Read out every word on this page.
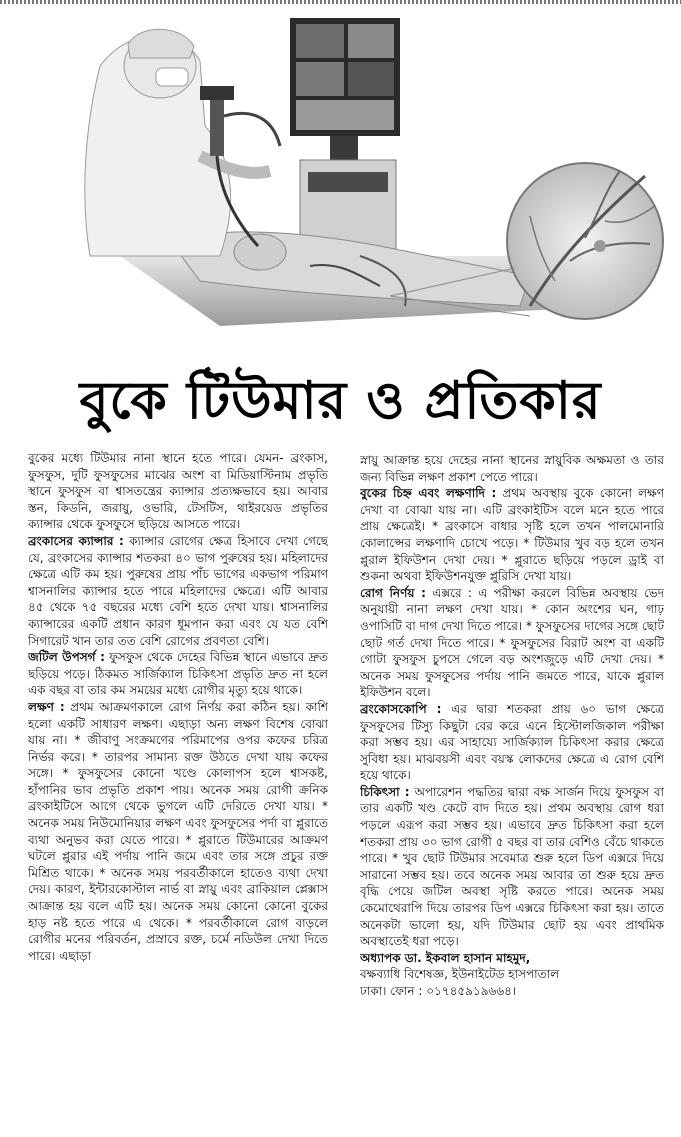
বুকে টিউমার ও প্রতিকার

বুকের মধ্যে টিউমার নানা স্থানে হতে পারে। যেমন- ব্রংকাস, ফুসফুস, দুটি ফুসফুসের মাঝের অংশ বা মিডিয়াস্টিনাম প্রভৃতি স্থানে ফুসফুস বা শ্বাসতন্ত্রের ক্যান্সার প্রত্যক্ষভাবে হয়। আবার স্তন, কিডনি, জরায়ু, ওভারি, টেসটিস, থাইরয়েড প্রভৃতির ক্যান্সার থেকে ফুসফুসে ছড়িয়ে আসতে পারে।

ব্রংকাসের ক্যান্সার : ক্যান্সার রোগের ক্ষেত্র হিসাবে দেখা গেছে যে, ব্রংকাসের ক্যান্সার শতকরা ৪০ ভাগ পুরুষের হয়। মহিলাদের ক্ষেত্রে এটি কম হয়। পুরুষের প্রায় পাঁচ ভাগের একভাগ পরিমাণ শ্বাসনালির ক্যান্সার হতে পারে মহিলাদের ক্ষেত্রে। এটি আবার ৪৫ থেকে ৭৫ বছরের মধ্যে বেশি হতে দেখা যায়। শ্বাসনালির ক্যান্সারের একটি প্রধান কারণ ধূমপান করা এবং যে যত বেশি সিগারেট খান তার তত বেশি রোগের প্রবণতা বেশি।

জটিল উপসর্গ : ফুসফুস থেকে দেহের বিভিন্ন স্থানে এভাবে দ্রুত ছড়িয়ে পড়ে। ঠিকমত সার্জিক্যাল চিকিৎসা প্রভৃতি দ্রুত না হলে এক বছর বা তার কম সময়ের মধ্যে রোগীর মৃত্যু হয়ে থাকে।

লক্ষণ : প্রথম আক্রমণকালে রোগ নির্ণয় করা কঠিন হয়। কাশি হলো একটি সাধারণ লক্ষণ। এছাড়া অন্য লক্ষণ বিশেষ বোঝা যায় না। * জীবাণু সংক্রমণের পরিমাপের ওপর কফের চরিত্র নির্ভর করে। * তারপর সামান্য রক্ত উঠতে দেখা যায় কফের সঙ্গে। * ফুসফুসের কোনো খণ্ডে কোলাপস হলে শ্বাসকষ্ট, হাঁপানির ভাব প্রভৃতি প্রকাশ পায়। অনেক সময় রোগী ক্রনিক ব্রংকাইটিসে আগে থেকে ভুগলে এটি দেরিতে দেখা যায়। * অনেক সময় নিউমোনিয়ার লক্ষণ এবং ফুসফুসের পর্দা বা প্লুরাতে ব্যথা অনুভব করা যেতে পারে। * প্লুরাতে টিউমারের আক্রমণ ঘটলে প্লুরার এই পর্দায় পানি জমে এবং তার সঙ্গে প্রচুর রক্ত মিশ্রিত থাকে। * অনেক সময় পরবর্তীকালে হাতেও ব্যথা দেখা দেয়। কারণ, ইন্টারকোস্টাল নার্ভ বা স্নায়ু এবং ব্রাকিয়াল প্লেক্সাস আক্রান্ত হয় বলে এটি হয়। অনেক সময় কোনো কোনো বুকের হাড় নষ্ট হতে পারে এ থেকে। * পরবর্তীকালে রোগ বাড়লে রোগীর মনের পরিবর্তন, প্রস্রাবে রক্ত, চর্মে নডিউল দেখা দিতে পারে। এছাড়া

স্নায়ু আক্রান্ত হয়ে দেহের নানা স্থানের স্নায়ুবিক অক্ষমতা ও তার জন্য বিভিন্ন লক্ষণ প্রকাশ পেতে পারে।

বুকের চিহ্ন এবং লক্ষণাদি : প্রথম অবস্থায় বুকে কোনো লক্ষণ দেখা বা বোঝা যায় না। এটি ব্রংকাইটিস বলে মনে হতে পারে প্রায় ক্ষেত্রেই। * ব্রংকাসে বাধার সৃষ্টি হলে তখন পালমোনারি কোলাপ্সের লক্ষণাদি চোখে পড়ে। * টিউমার খুব বড় হলে তখন প্লুরাল ইফিউশন দেখা দেয়। * প্লুরাতে ছড়িয়ে পড়লে ড্রাই বা শুকনা অথবা ইফিউশনযুক্ত প্লুরিসি দেখা যায়।

রোগ নির্ণয় : এক্সরে : এ পরীক্ষা করলে বিভিন্ন অবস্থায় ভেদ অনুযায়ী নানা লক্ষণ দেখা যায়। * কোন অংশের ঘন, গাঢ় ওপাসিটি বা দাগ দেখা দিতে পারে। * ফুসফুসের দাগের সঙ্গে ছোট ছোট গর্ত দেখা দিতে পারে। * ফুসফুসের বিরাট অংশ বা একটি গোটা ফুসফুস চুপসে গেলে বড় অংশজুড়ে এটি দেখা দেয়। * অনেক সময় ফুসফুসের পর্দায় পানি জমতে পারে, যাকে প্লুরাল ইফিউশন বলে।

ব্রংকোসকোপি : এর দ্বারা শতকরা প্রায় ৬০ ভাগ ক্ষেত্রে ফুসফুসের টিস্যু কিছুটা বের করে এনে হিস্টোলজিকাল পরীক্ষা করা সম্ভব হয়। এর সাহায্যে সার্জিক্যাল চিকিৎসা করার ক্ষেত্রে সুবিধা হয়। মাঝবয়সী এবং বয়স্ক লোকদের ক্ষেত্রে এ রোগ বেশি হয়ে থাকে।

চিকিৎসা : অপারেশন পদ্ধতির দ্বারা বক্ষ সার্জন দিয়ে ফুসফুস বা তার একটি খণ্ড কেটে বাদ দিতে হয়। প্রথম অবস্থায় রোগ ধরা পড়লে এরূপ করা সম্ভব হয়। এভাবে দ্রুত চিকিৎসা করা হলে শতকরা প্রায় ৩০ ভাগ রোগী ৫ বছর বা তার বেশিও বেঁচে থাকতে পারে। * খুব ছোট টিউমার সবেমাত্র শুরু হলে ডিপ এক্সরে দিয়ে সারানো সম্ভব হয়। তবে অনেক সময় আবার তা শুরু হয়ে দ্রুত বৃদ্ধি পেয়ে জটিল অবস্থা সৃষ্টি করতে পারে। অনেক সময় কেমোথেরাপি দিয়ে তারপর ডিপ এক্সরে চিকিৎসা করা হয়। তাতে অনেকটা ভালো হয়, যদি টিউমার ছোট হয় এবং প্রাথমিক অবস্থাতেই ধরা পড়ে।

অধ্যাপক ডা. ইকবাল হাসান মাহমুদ,

বক্ষব্যাধি বিশেষজ্ঞ, ইউনাইটেড হাসপাতাল

ঢাকা। ফোন : ০১৭৪৫৯১৯৬৬৪।
